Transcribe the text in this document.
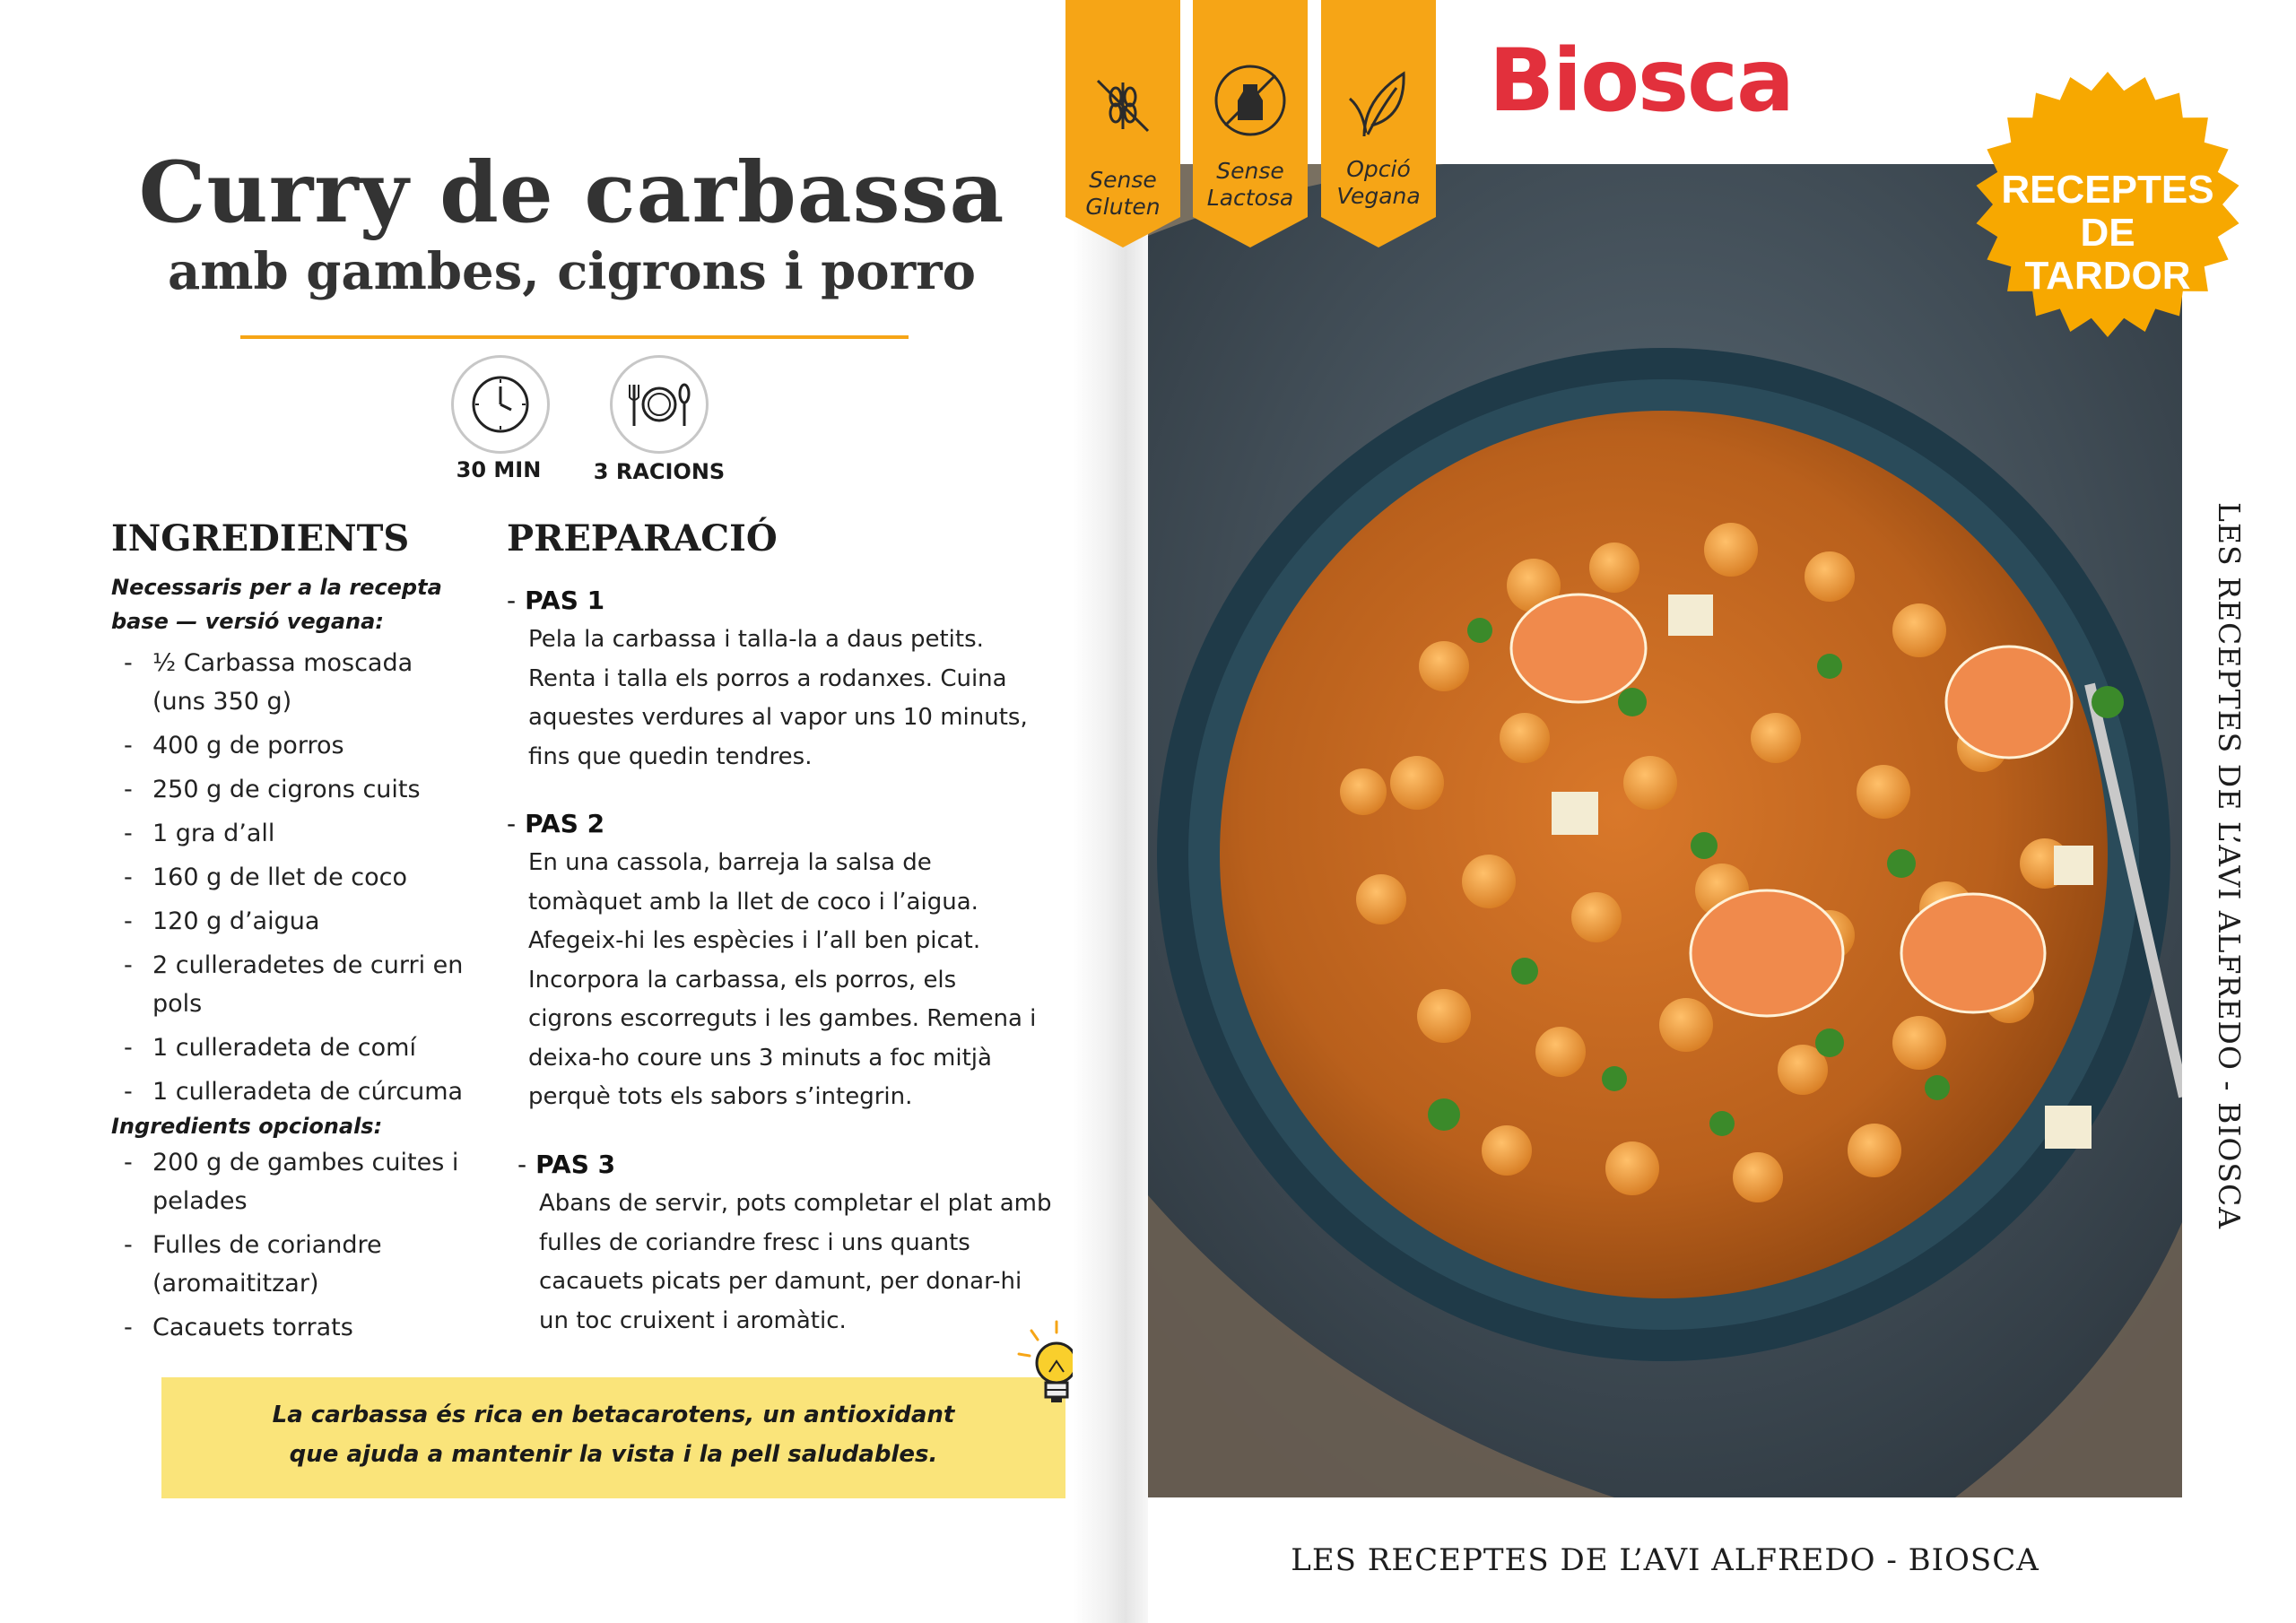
Curry de carbassa
amb gambes, cigrons i porro
30 MIN	3 RACIONS
INGREDIENTS
Necessaris per a la recepta
base — versió vegana:
- ½ Carbassa moscada
(uns 350 g)
- 400 g de porros
- 250 g de cigrons cuits
- 1 gra d’all
- 160 g de llet de coco
- 120 g d’aigua
- 2 culleradetes de curri en
pols
- 1 culleradeta de comí
- 1 culleradeta de cúrcuma
Ingredients opcionals:
- 200 g de gambes cuites i
pelades
- Fulles de coriandre
(aromaititzar)
- Cacauets torrats
PREPARACIÓ
- PAS 1
Pela la carbassa i talla-la a daus petits.
Renta i talla els porros a rodanxes. Cuina
aquestes verdures al vapor uns 10 minuts,
fins que quedin tendres.
- PAS 2
En una cassola, barreja la salsa de
tomàquet amb la llet de coco i l’aigua.
Afegeix-hi les espècies i l’all ben picat.
Incorpora la carbassa, els porros, els
cigrons escorreguts i les gambes. Remena i
deixa-ho coure uns 3 minuts a foc mitjà
perquè tots els sabors s’integrin.
- PAS 3
Abans de servir, pots completar el plat amb
fulles de coriandre fresc i uns quants
cacauets picats per damunt, per donar-hi
un toc cruixent i aromàtic.
La carbassa és rica en betacarotens, un antioxidant
que ajuda a mantenir la vista i la pell saludables.
Sense
Gluten
Sense
Lactosa
Opció
Vegana
Biosca
RECEPTES
DE
TARDOR
LES RECEPTES DE L’AVI ALFREDO - BIOSCA
LES RECEPTES DE L’AVI ALFREDO - BIOSCA
